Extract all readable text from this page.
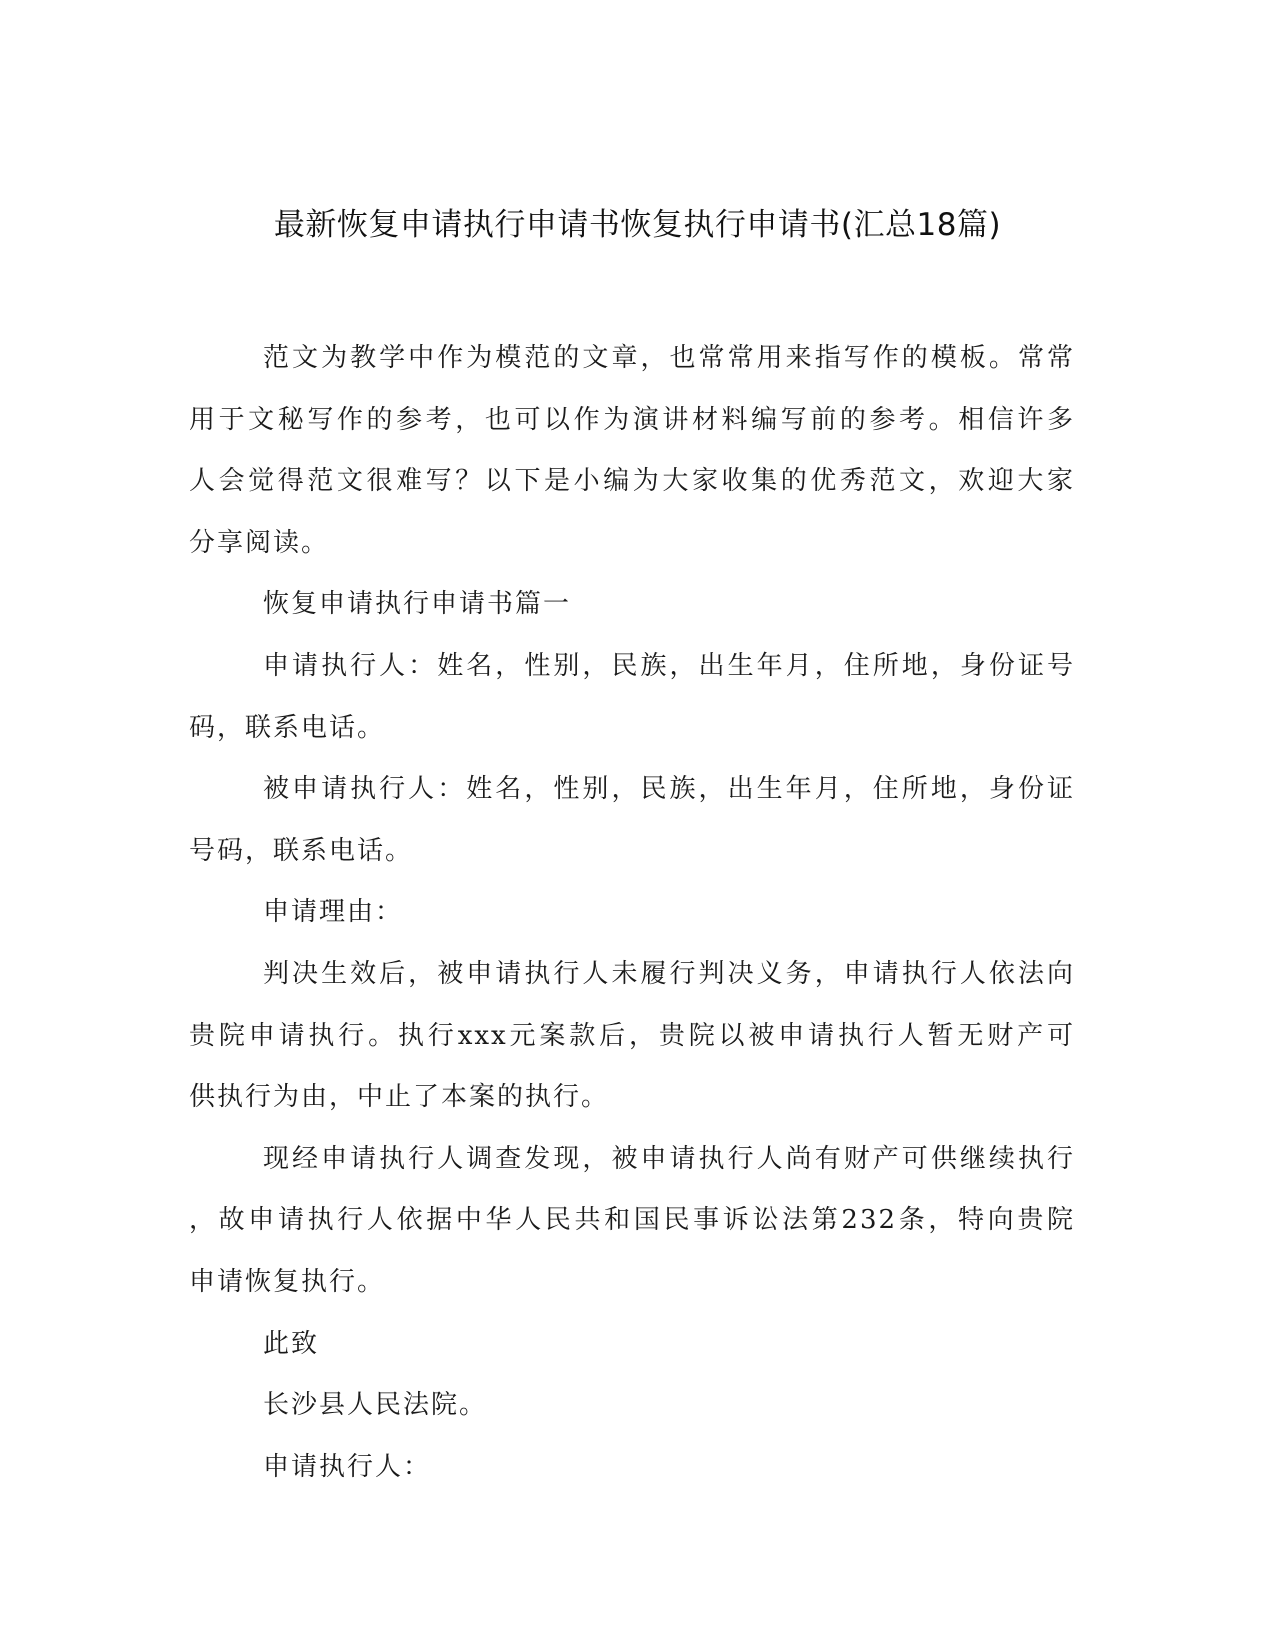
最新恢复申请执行申请书恢复执行申请书(汇总18篇)
范文为教学中作为模范的文章，也常常用来指写作的模板。常常
用于文秘写作的参考，也可以作为演讲材料编写前的参考。相信许多
人会觉得范文很难写？以下是小编为大家收集的优秀范文，欢迎大家
分享阅读。
恢复申请执行申请书篇一
申请执行人：姓名，性别，民族，出生年月，住所地，身份证号
码，联系电话。
被申请执行人：姓名，性别，民族，出生年月，住所地，身份证
号码，联系电话。
申请理由：
判决生效后，被申请执行人未履行判决义务，申请执行人依法向
贵院申请执行。执行xxx元案款后，贵院以被申请执行人暂无财产可
供执行为由，中止了本案的执行。
现经申请执行人调查发现，被申请执行人尚有财产可供继续执行
，故申请执行人依据中华人民共和国民事诉讼法第232条，特向贵院
申请恢复执行。
此致
长沙县人民法院。
申请执行人：
